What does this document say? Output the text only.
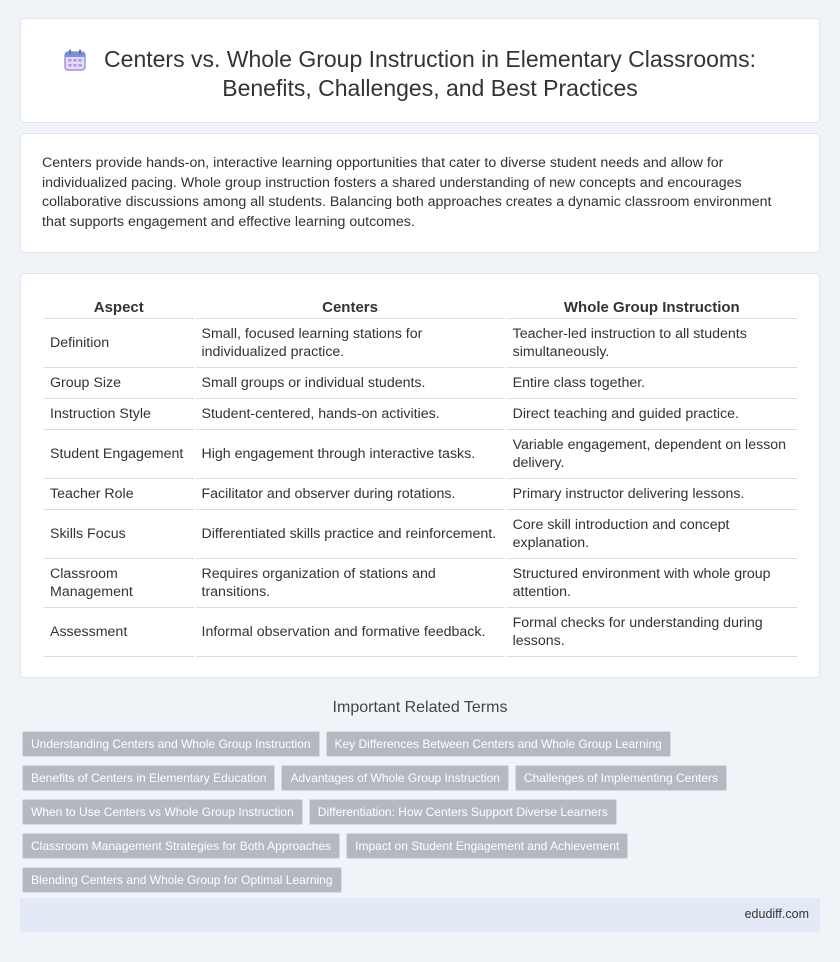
Centers vs. Whole Group Instruction in Elementary Classrooms: Benefits, Challenges, and Best Practices

Centers provide hands-on, interactive learning opportunities that cater to diverse student needs and allow for individualized pacing. Whole group instruction fosters a shared understanding of new concepts and encourages collaborative discussions among all students. Balancing both approaches creates a dynamic classroom environment that supports engagement and effective learning outcomes.

Aspect	Centers	Whole Group Instruction
Definition	Small, focused learning stations for individualized practice.	Teacher-led instruction to all students simultaneously.
Group Size	Small groups or individual students.	Entire class together.
Instruction Style	Student-centered, hands-on activities.	Direct teaching and guided practice.
Student Engagement	High engagement through interactive tasks.	Variable engagement, dependent on lesson delivery.
Teacher Role	Facilitator and observer during rotations.	Primary instructor delivering lessons.
Skills Focus	Differentiated skills practice and reinforcement.	Core skill introduction and concept explanation.
Classroom Management	Requires organization of stations and transitions.	Structured environment with whole group attention.
Assessment	Informal observation and formative feedback.	Formal checks for understanding during lessons.
Important Related Terms
Understanding Centers and Whole Group Instruction	Key Differences Between Centers and Whole Group Learning
Benefits of Centers in Elementary Education	Advantages of Whole Group Instruction	Challenges of Implementing Centers
When to Use Centers vs Whole Group Instruction	Differentiation: How Centers Support Diverse Learners
Classroom Management Strategies for Both Approaches	Impact on Student Engagement and Achievement
Blending Centers and Whole Group for Optimal Learning
edudiff.com
